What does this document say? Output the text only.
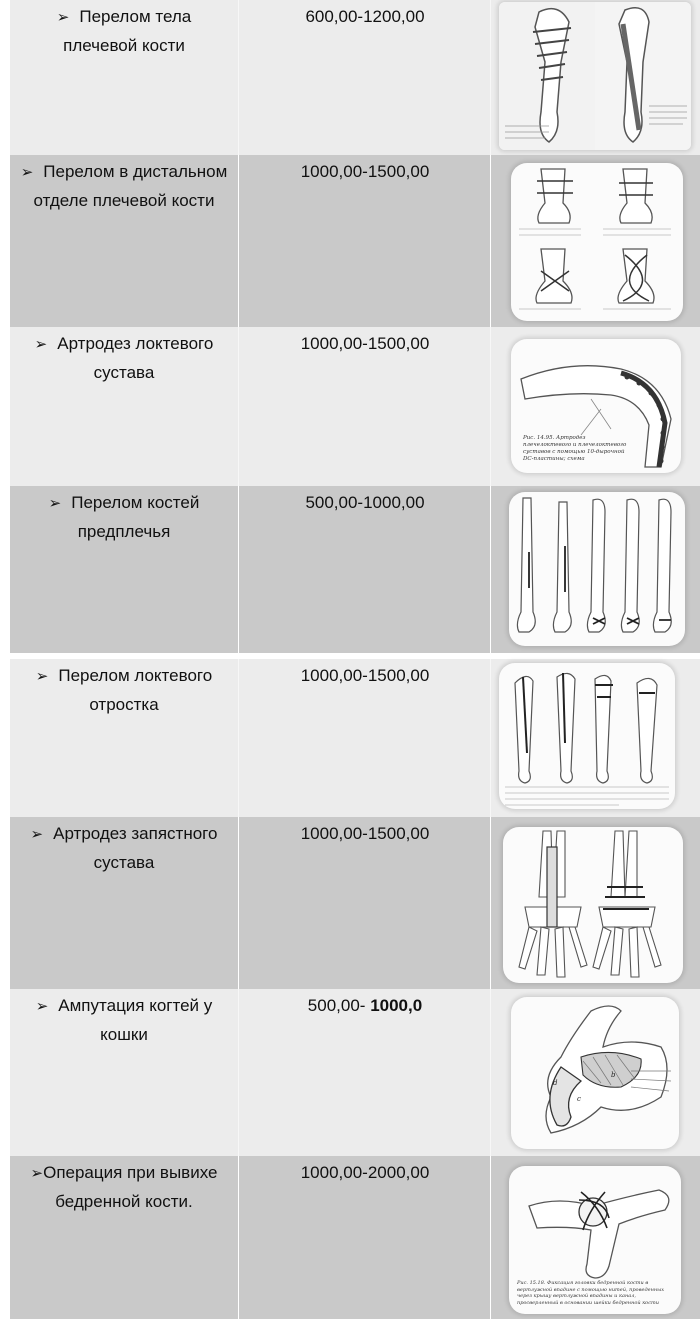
➢ Перелом тела плечевой кости
600,00-1200,00
➢ Перелом в дистальном отделе плечевой кости
1000,00-1500,00
➢ Артродез локтевого сустава
1000,00-1500,00
Рис. 14.95. Артродез плечелоктевого и плечелоктевого суставов с помощью 10-дырочной DC-пластины; схема
➢ Перелом костей предплечья
500,00-1000,00
➢ Перелом локтевого отростка
1000,00-1500,00
➢ Артродез запястного сустава
1000,00-1500,00
➢ Ампутация когтей у кошки
500,00- 1000,0
d
c
b
➢Операция при вывихе бедренной кости.
1000,00-2000,00
Рис. 15.18. Фиксация головки бедренной кости в вертлужной впадине с помощью нитей, проведенных через крышу вертлужной впадины и канал, просверленный в основании шейки бедренной кости
